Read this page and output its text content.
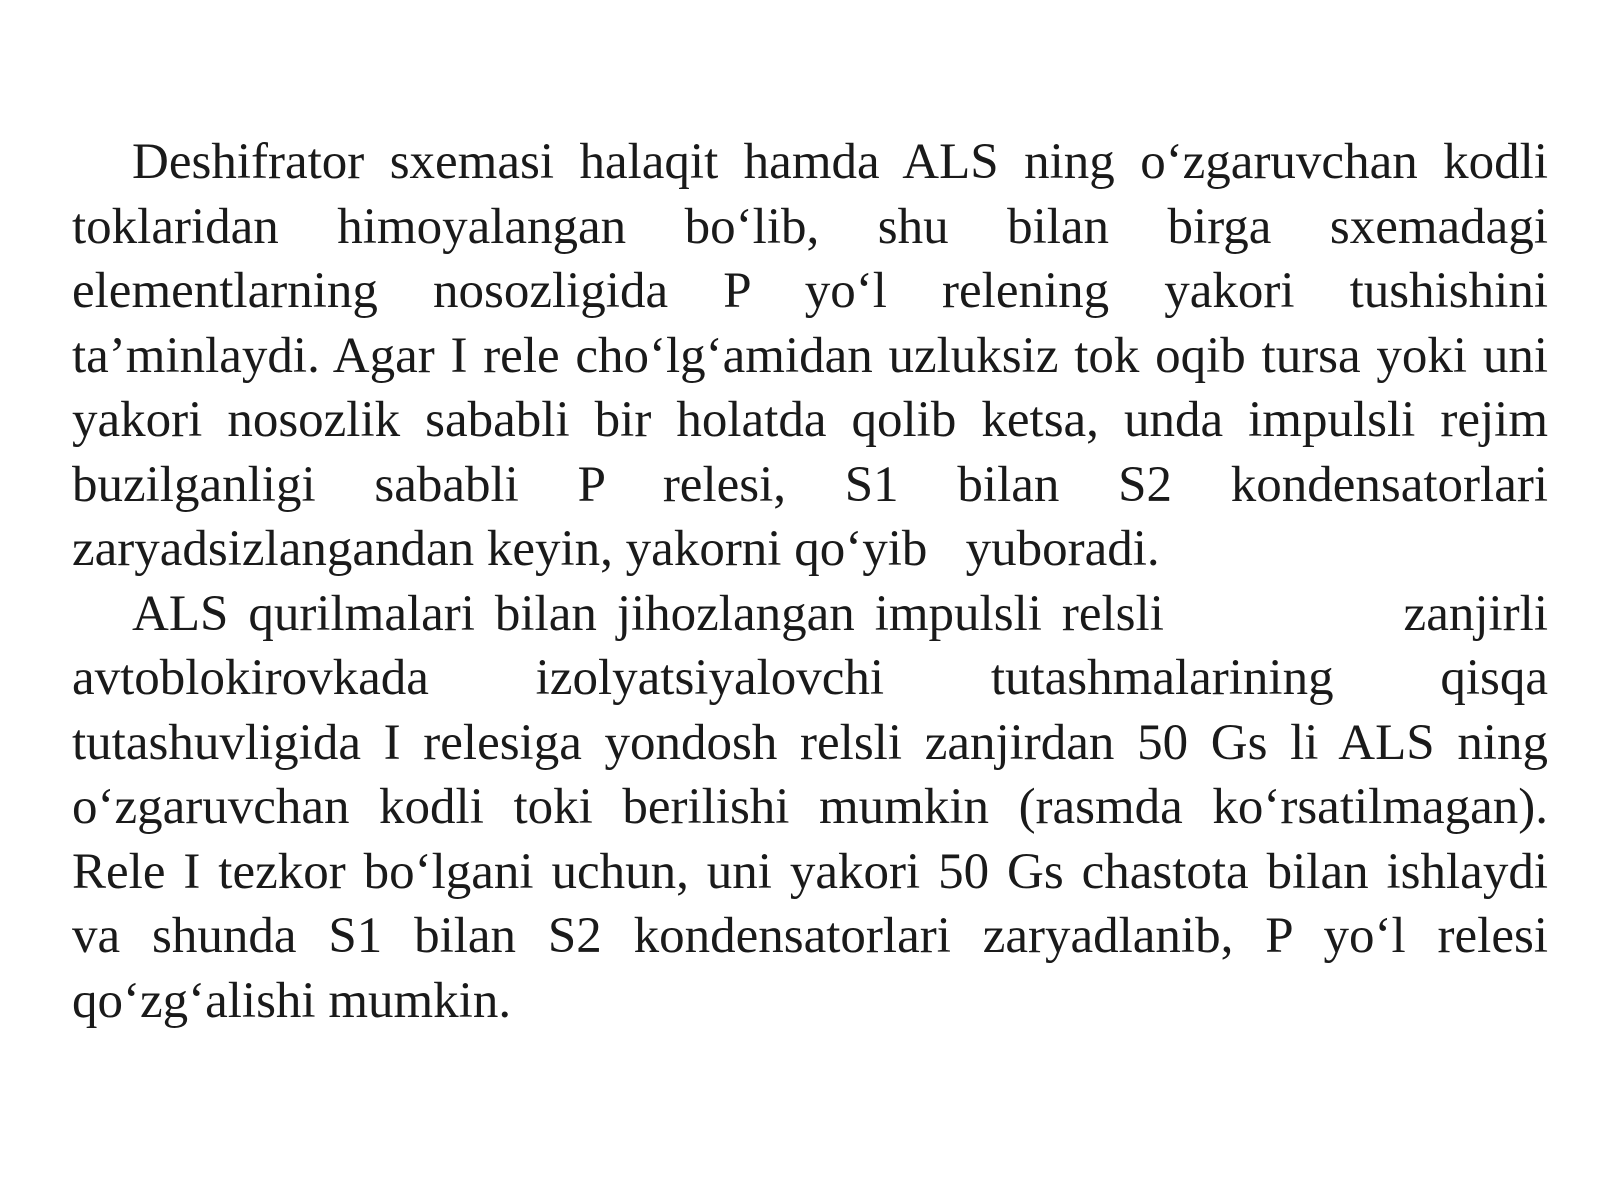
Deshifrator sxemasi halaqit hamda ALS ning o‘zgaruvchan kodli toklaridan himoyalangan bo‘lib, shu bilan birga sxemadagi elementlarning nosozligida P yo‘l relening yakori tushishini ta’minlaydi. Agar I rele cho‘lg‘amidan uzluksiz tok oqib tursa yoki uni yakori nosozlik sababli bir holatda qolib ketsa, unda impulsli rejim buzilganligi sababli P relesi, S1 bilan S2 kondensatorlari zaryadsizlangandan keyin, yakorni qo‘yib   yuboradi.

ALS qurilmalari bilan jihozlangan impulsli relsli            zanjirli avtoblokirovkada izolyatsiyalovchi tutashmalarining qisqa tutashuvligida I relesiga yondosh relsli zanjirdan 50 Gs li ALS ning o‘zgaruvchan kodli toki berilishi mumkin (rasmda ko‘rsatilmagan). Rele I tezkor bo‘lgani uchun, uni yakori 50 Gs chastota bilan ishlaydi va shunda S1 bilan S2 kondensatorlari zaryadlanib, P yo‘l relesi qo‘zg‘alishi mumkin.
